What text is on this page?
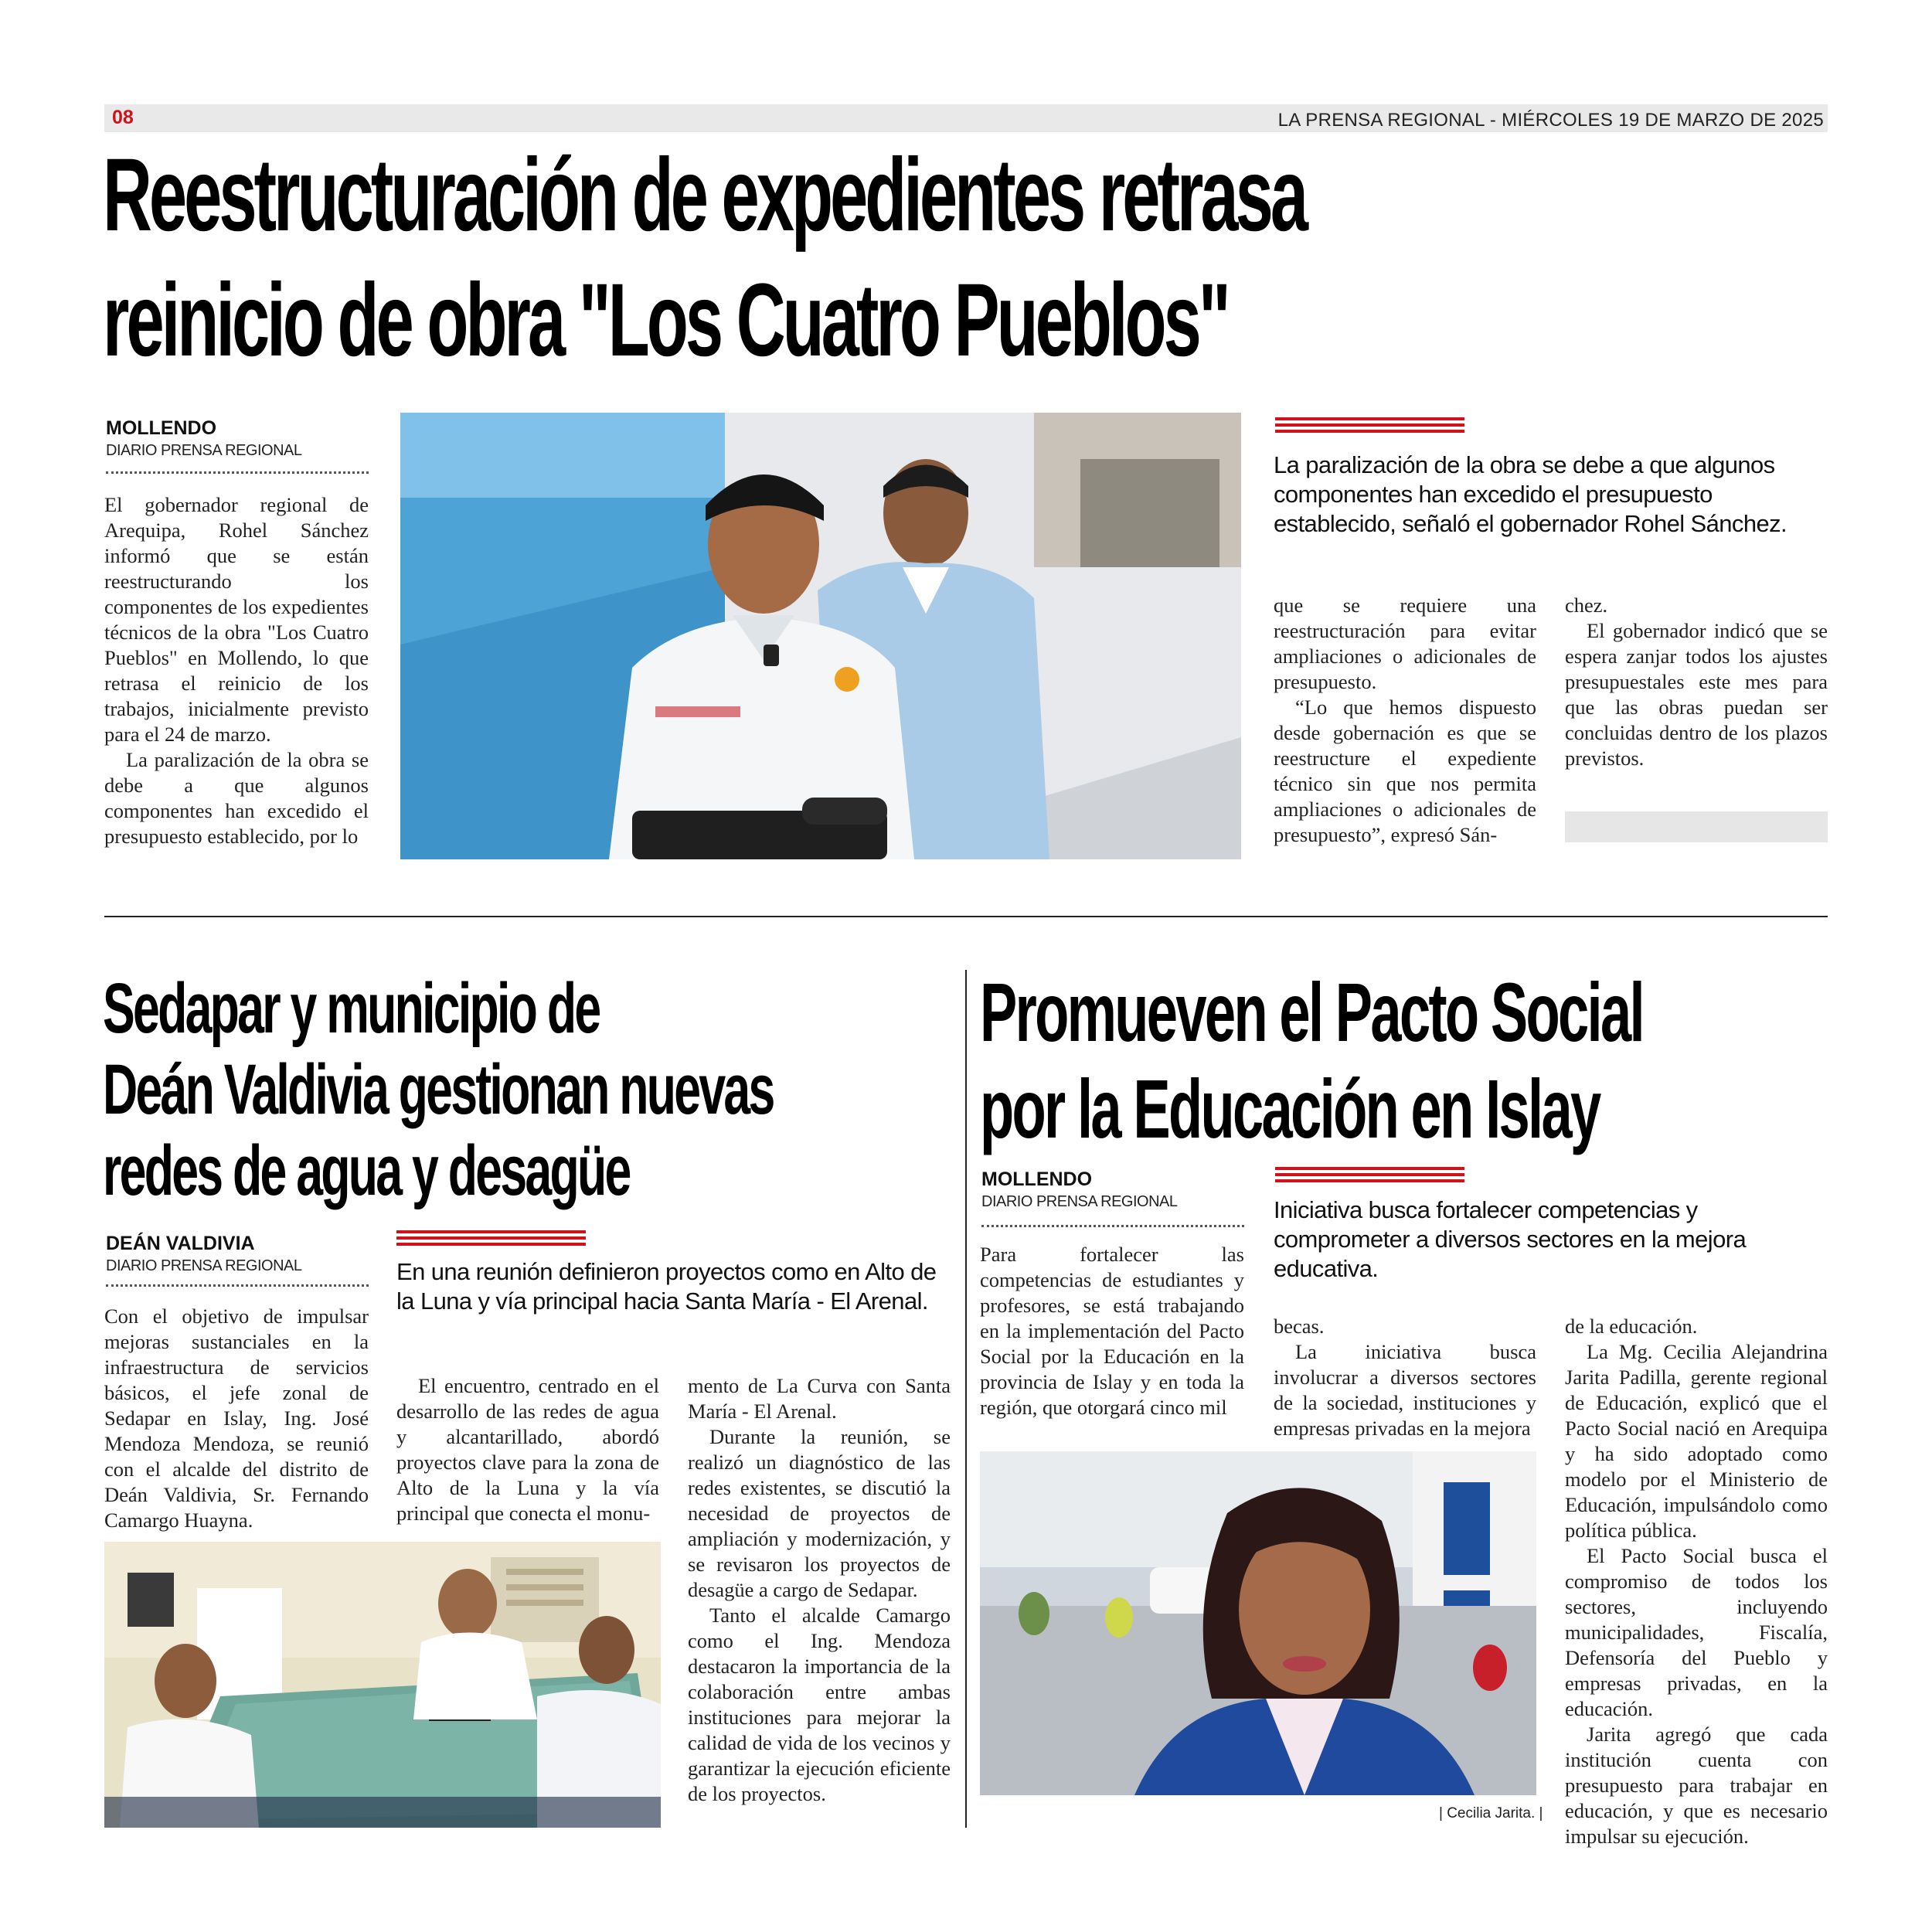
08	LA PRENSA REGIONAL - MIÉRCOLES 19 DE MARZO DE 2025
Reestructuración de expedientes retrasa
reinicio de obra "Los Cuatro Pueblos"
MOLLENDO
DIARIO PRENSA REGIONAL

El gobernador regional de Arequipa, Rohel Sánchez informó que se están reestructurando los componentes de los expedientes técnicos de la obra "Los Cuatro Pueblos" en Mollendo, lo que retrasa el reinicio de los trabajos, inicialmente previsto para el 24 de marzo.

La paralización de la obra se debe a que algunos componentes han excedido el presupuesto establecido, por lo

La paralización de la obra se debe a que algunos componentes han excedido el presupuesto establecido, señaló el gobernador Rohel Sánchez.

que se requiere una reestructuración para evitar ampliaciones o adicionales de presupuesto.

“Lo que hemos dispuesto desde gobernación es que se reestructure el expediente técnico sin que nos permita ampliaciones o adicionales de presupuesto”, expresó Sán-

chez.

El gobernador indicó que se espera zanjar todos los ajustes presupuestales este mes para que las obras puedan ser concluidas dentro de los plazos previstos.

Sedapar y municipio de
Deán Valdivia gestionan nuevas
redes de agua y desagüe
DEÁN VALDIVIA
DIARIO PRENSA REGIONAL

Con el objetivo de impulsar mejoras sustanciales en la infraestructura de servicios básicos, el jefe zonal de Sedapar en Islay, Ing. José Mendoza Mendoza, se reunió con el alcalde del distrito de Deán Valdivia, Sr. Fernando Camargo Huayna.

En una reunión definieron proyectos como en Alto de la Luna y vía principal hacia Santa María - El Arenal.

El encuentro, centrado en el desarrollo de las redes de agua y alcantarillado, abordó proyectos clave para la zona de Alto de la Luna y la vía principal que conecta el monu-

mento de La Curva con Santa María - El Arenal.

Durante la reunión, se realizó un diagnóstico de las redes existentes, se discutió la necesidad de proyectos de ampliación y modernización, y se revisaron los proyectos de desagüe a cargo de Sedapar.

Tanto el alcalde Camargo como el Ing. Mendoza destacaron la importancia de la colaboración entre ambas instituciones para mejorar la calidad de vida de los vecinos y garantizar la ejecución eficiente de los proyectos.

Promueven el Pacto Social
por la Educación en Islay
MOLLENDO
DIARIO PRENSA REGIONAL

Para fortalecer las competencias de estudiantes y profesores, se está trabajando en la implementación del Pacto Social por la Educación en la provincia de Islay y en toda la región, que otorgará cinco mil

Iniciativa busca fortalecer competencias y comprometer a diversos sectores en la mejora educativa.

becas.

La iniciativa busca involucrar a diversos sectores de la sociedad, instituciones y empresas privadas en la mejora

de la educación.

La Mg. Cecilia Alejandrina Jarita Padilla, gerente regional de Educación, explicó que el Pacto Social nació en Arequipa y ha sido adoptado como modelo por el Ministerio de Educación, impulsándolo como política pública.

El Pacto Social busca el compromiso de todos los sectores, incluyendo municipalidades, Fiscalía, Defensoría del Pueblo y empresas privadas, en la educación.

Jarita agregó que cada institución cuenta con presupuesto para trabajar en educación, y que es necesario impulsar su ejecución.

| Cecilia Jarita. |
